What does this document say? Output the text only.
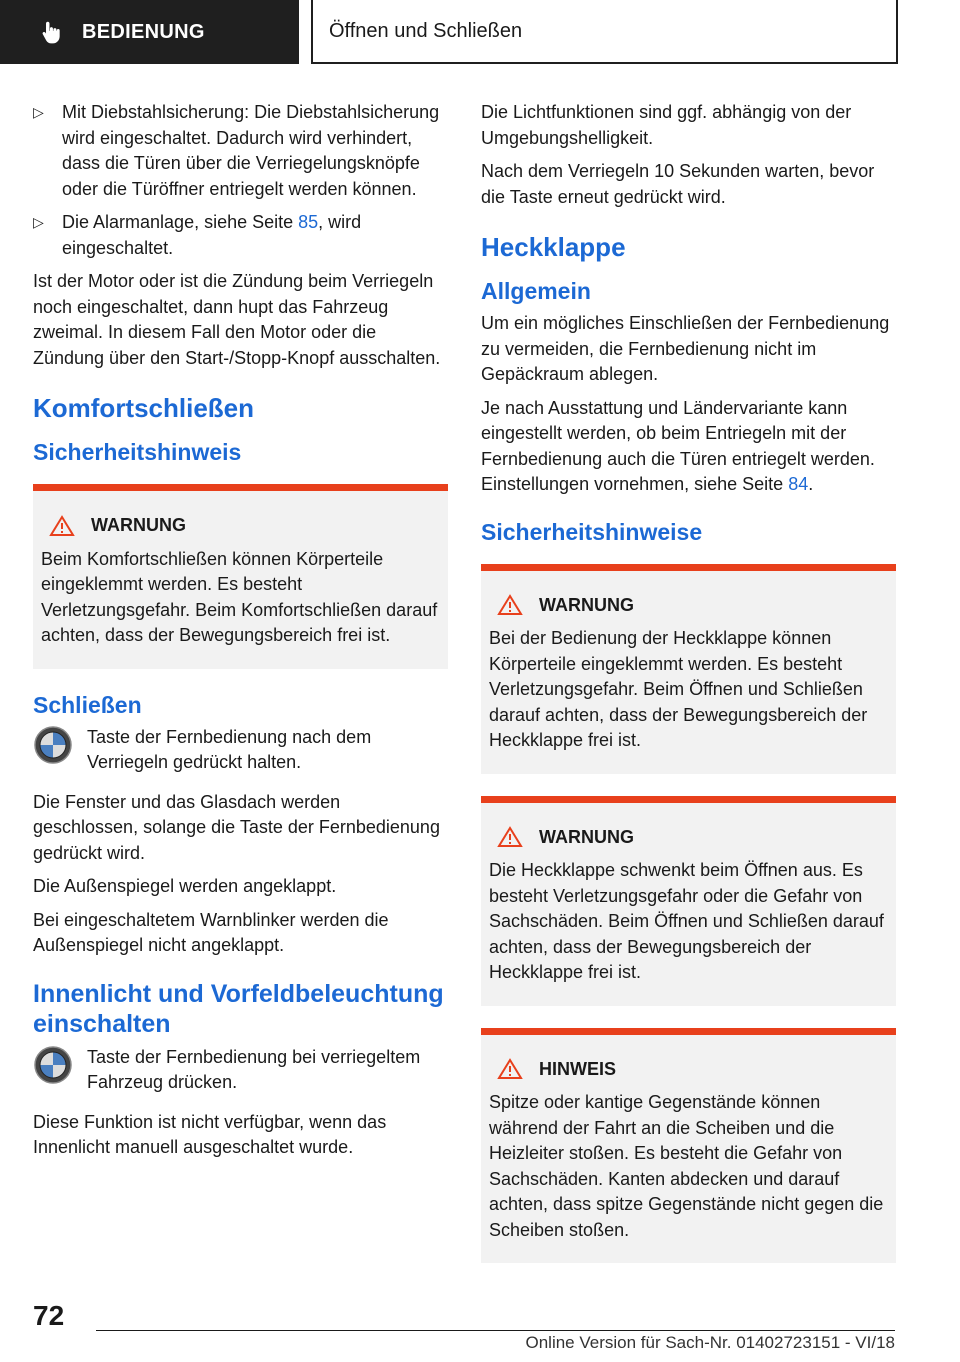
BEDIENUNG	Öffnen und Schließen
▷ Mit Diebstahlsicherung: Die Diebstahlsicherung wird eingeschaltet. Dadurch wird verhindert, dass die Türen über die Verriegelungsknöpfe oder die Türöffner entriegelt werden können.
▷ Die Alarmanlage, siehe Seite 85, wird eingeschaltet.

Ist der Motor oder ist die Zündung beim Verriegeln noch eingeschaltet, dann hupt das Fahrzeug zweimal. In diesem Fall den Motor oder die Zündung über den Start-/Stopp-Knopf ausschalten.

Komfortschließen
Sicherheitshinweis
WARNUNG
Beim Komfortschließen können Körperteile eingeklemmt werden. Es besteht Verletzungsgefahr. Beim Komfortschließen darauf achten, dass der Bewegungsbereich frei ist.
Schließen
Taste der Fernbedienung nach dem Verriegeln gedrückt halten.

Die Fenster und das Glasdach werden geschlossen, solange die Taste der Fernbedienung gedrückt wird.

Die Außenspiegel werden angeklappt.

Bei eingeschaltetem Warnblinker werden die Außenspiegel nicht angeklappt.

Innenlicht und Vorfeldbeleuchtung einschalten
Taste der Fernbedienung bei verriegeltem Fahrzeug drücken.

Diese Funktion ist nicht verfügbar, wenn das Innenlicht manuell ausgeschaltet wurde.

Die Lichtfunktionen sind ggf. abhängig von der Umgebungshelligkeit.

Nach dem Verriegeln 10 Sekunden warten, bevor die Taste erneut gedrückt wird.

Heckklappe
Allgemein

Um ein mögliches Einschließen der Fernbedienung zu vermeiden, die Fernbedienung nicht im Gepäckraum ablegen.

Je nach Ausstattung und Ländervariante kann eingestellt werden, ob beim Entriegeln mit der Fernbedienung auch die Türen entriegelt werden. Einstellungen vornehmen, siehe Seite 84.

Sicherheitshinweise
WARNUNG
Bei der Bedienung der Heckklappe können Körperteile eingeklemmt werden. Es besteht Verletzungsgefahr. Beim Öffnen und Schließen darauf achten, dass der Bewegungsbereich der Heckklappe frei ist.
WARNUNG
Die Heckklappe schwenkt beim Öffnen aus. Es besteht Verletzungsgefahr oder die Gefahr von Sachschäden. Beim Öffnen und Schließen darauf achten, dass der Bewegungsbereich der Heckklappe frei ist.
HINWEIS
Spitze oder kantige Gegenstände können während der Fahrt an die Scheiben und die Heizleiter stoßen. Es besteht die Gefahr von Sachschäden. Kanten abdecken und darauf achten, dass spitze Gegenstände nicht gegen die Scheiben stoßen.
72
Online Version für Sach-Nr. 01402723151 - VI/18
